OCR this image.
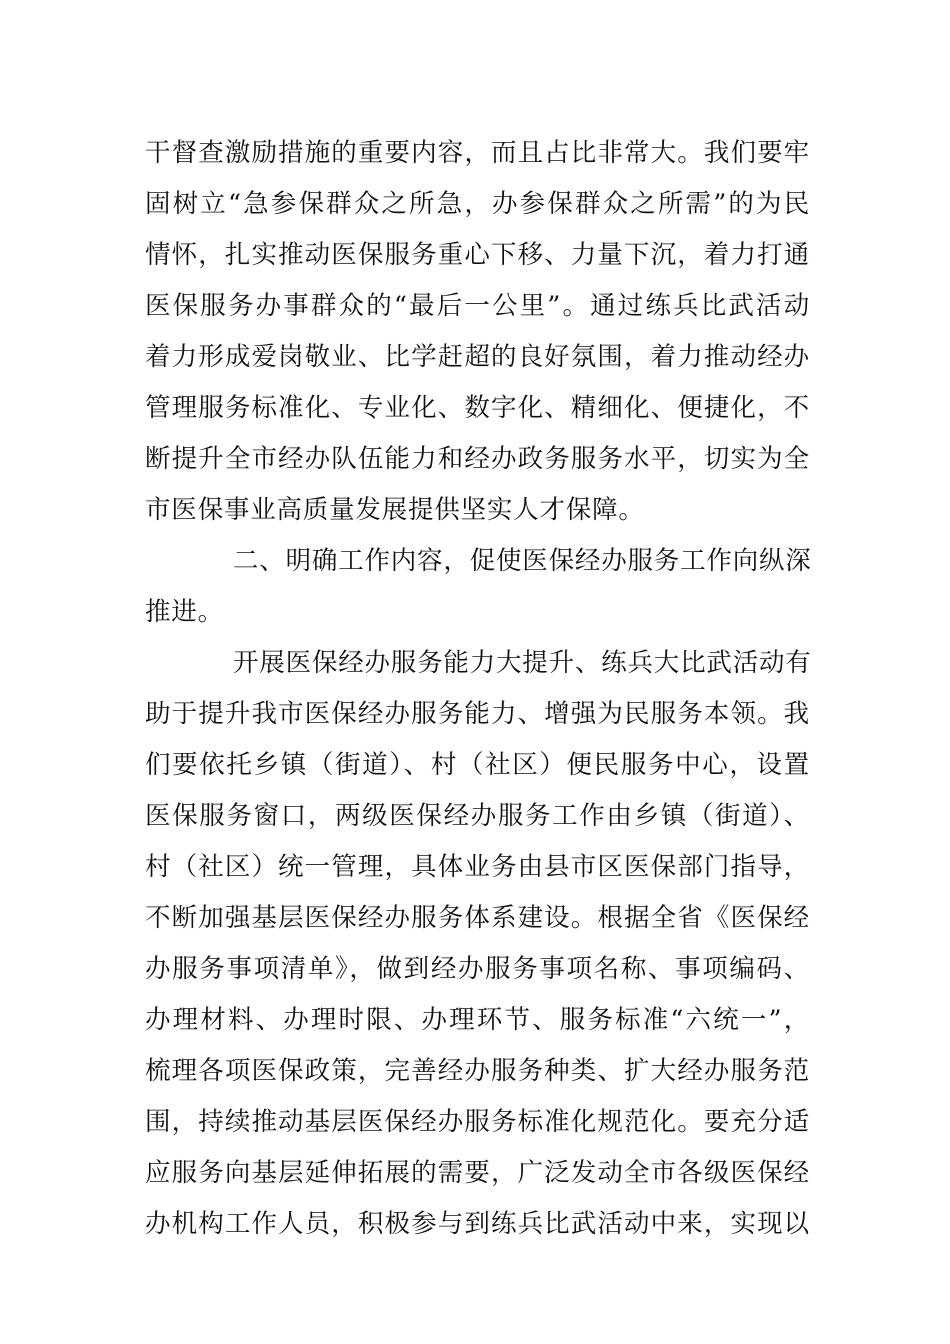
干督查激励措施的重要内容，而且占比非常大。我们要牢
固树立“急参保群众之所急，办参保群众之所需”的为民
情怀，扎实推动医保服务重心下移、力量下沉，着力打通
医保服务办事群众的“最后一公里”。通过练兵比武活动
着力形成爱岗敬业、比学赶超的良好氛围，着力推动经办
管理服务标准化、专业化、数字化、精细化、便捷化，不
断提升全市经办队伍能力和经办政务服务水平，切实为全
市医保事业高质量发展提供坚实人才保障。
二、明确工作内容，促使医保经办服务工作向纵深
推进。
开展医保经办服务能力大提升、练兵大比武活动有
助于提升我市医保经办服务能力、增强为民服务本领。我
们要依托乡镇（街道）、村（社区）便民服务中心，设置
医保服务窗口，两级医保经办服务工作由乡镇（街道）、
村（社区）统一管理，具体业务由县市区医保部门指导，
不断加强基层医保经办服务体系建设。根据全省《医保经
办服务事项清单》，做到经办服务事项名称、事项编码、
办理材料、办理时限、办理环节、服务标准“六统一”，
梳理各项医保政策，完善经办服务种类、扩大经办服务范
围，持续推动基层医保经办服务标准化规范化。要充分适
应服务向基层延伸拓展的需要，广泛发动全市各级医保经
办机构工作人员，积极参与到练兵比武活动中来，实现以
